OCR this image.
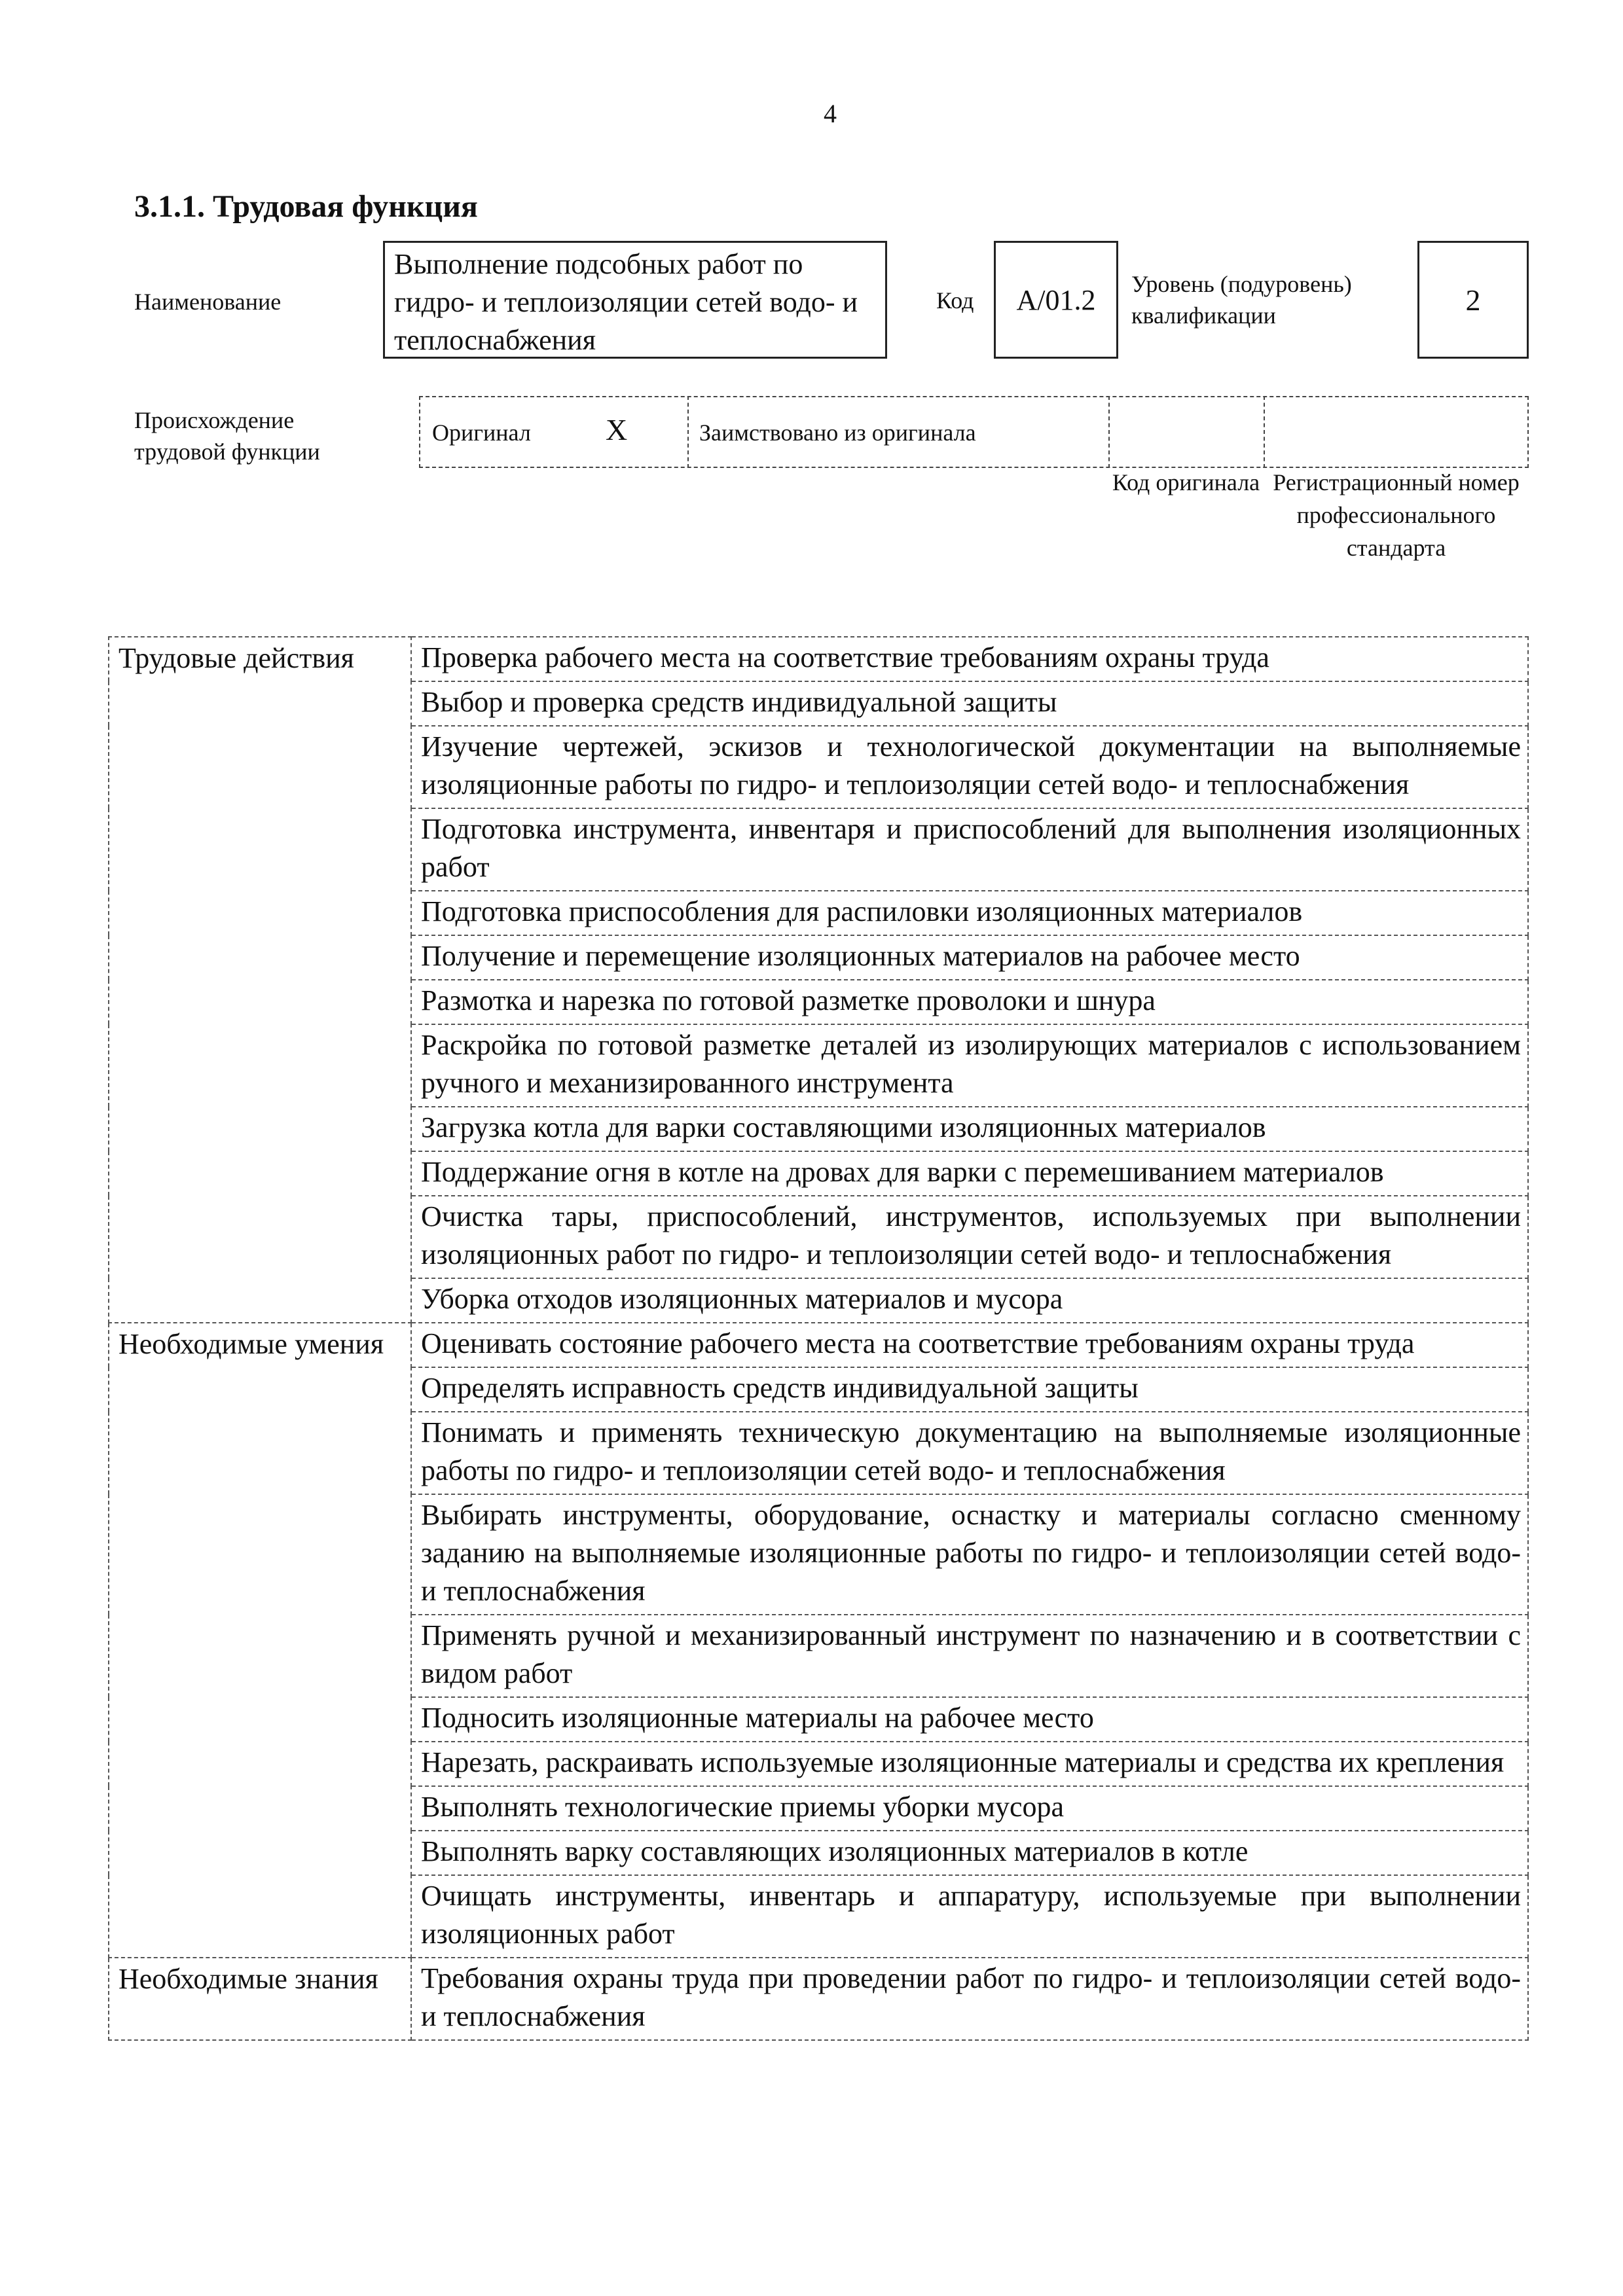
4
3.1.1. Трудовая функция
Наименование
Выполнение подсобных работ по гидро- и теплоизоляции сетей водо- и теплоснабжения
Код	А/01.2	Уровень (подуровень) квалификации	2
Происхождение трудовой функции
Оригинал X	Заимствовано из оригинала
Код оригинала Регистрационный номер профессионального стандарта
Трудовые действия	Проверка рабочего места на соответствие требованиям охраны труда
	Выбор и проверка средств индивидуальной защиты
	Изучение чертежей, эскизов и технологической документации на выполняемые изоляционные работы по гидро- и теплоизоляции сетей водо- и теплоснабжения
	Подготовка инструмента, инвентаря и приспособлений для выполнения изоляционных работ
	Подготовка приспособления для распиловки изоляционных материалов
	Получение и перемещение изоляционных материалов на рабочее место
	Размотка и нарезка по готовой разметке проволоки и шнура
	Раскройка по готовой разметке деталей из изолирующих материалов с использованием ручного и механизированного инструмента
	Загрузка котла для варки составляющими изоляционных материалов
	Поддержание огня в котле на дровах для варки с перемешиванием материалов
	Очистка тары, приспособлений, инструментов, используемых при выполнении изоляционных работ по гидро- и теплоизоляции сетей водо- и теплоснабжения
	Уборка отходов изоляционных материалов и мусора
Необходимые умения	Оценивать состояние рабочего места на соответствие требованиям охраны труда
	Определять исправность средств индивидуальной защиты
	Понимать и применять техническую документацию на выполняемые изоляционные работы по гидро- и теплоизоляции сетей водо- и теплоснабжения
	Выбирать инструменты, оборудование, оснастку и материалы согласно сменному заданию на выполняемые изоляционные работы по гидро- и теплоизоляции сетей водо- и теплоснабжения
	Применять ручной и механизированный инструмент по назначению и в соответствии с видом работ
	Подносить изоляционные материалы на рабочее место
	Нарезать, раскраивать используемые изоляционные материалы и средства их крепления
	Выполнять технологические приемы уборки мусора
	Выполнять варку составляющих изоляционных материалов в котле
	Очищать инструменты, инвентарь и аппаратуру, используемые при выполнении изоляционных работ
Необходимые знания	Требования охраны труда при проведении работ по гидро- и теплоизоляции сетей водо- и теплоснабжения
